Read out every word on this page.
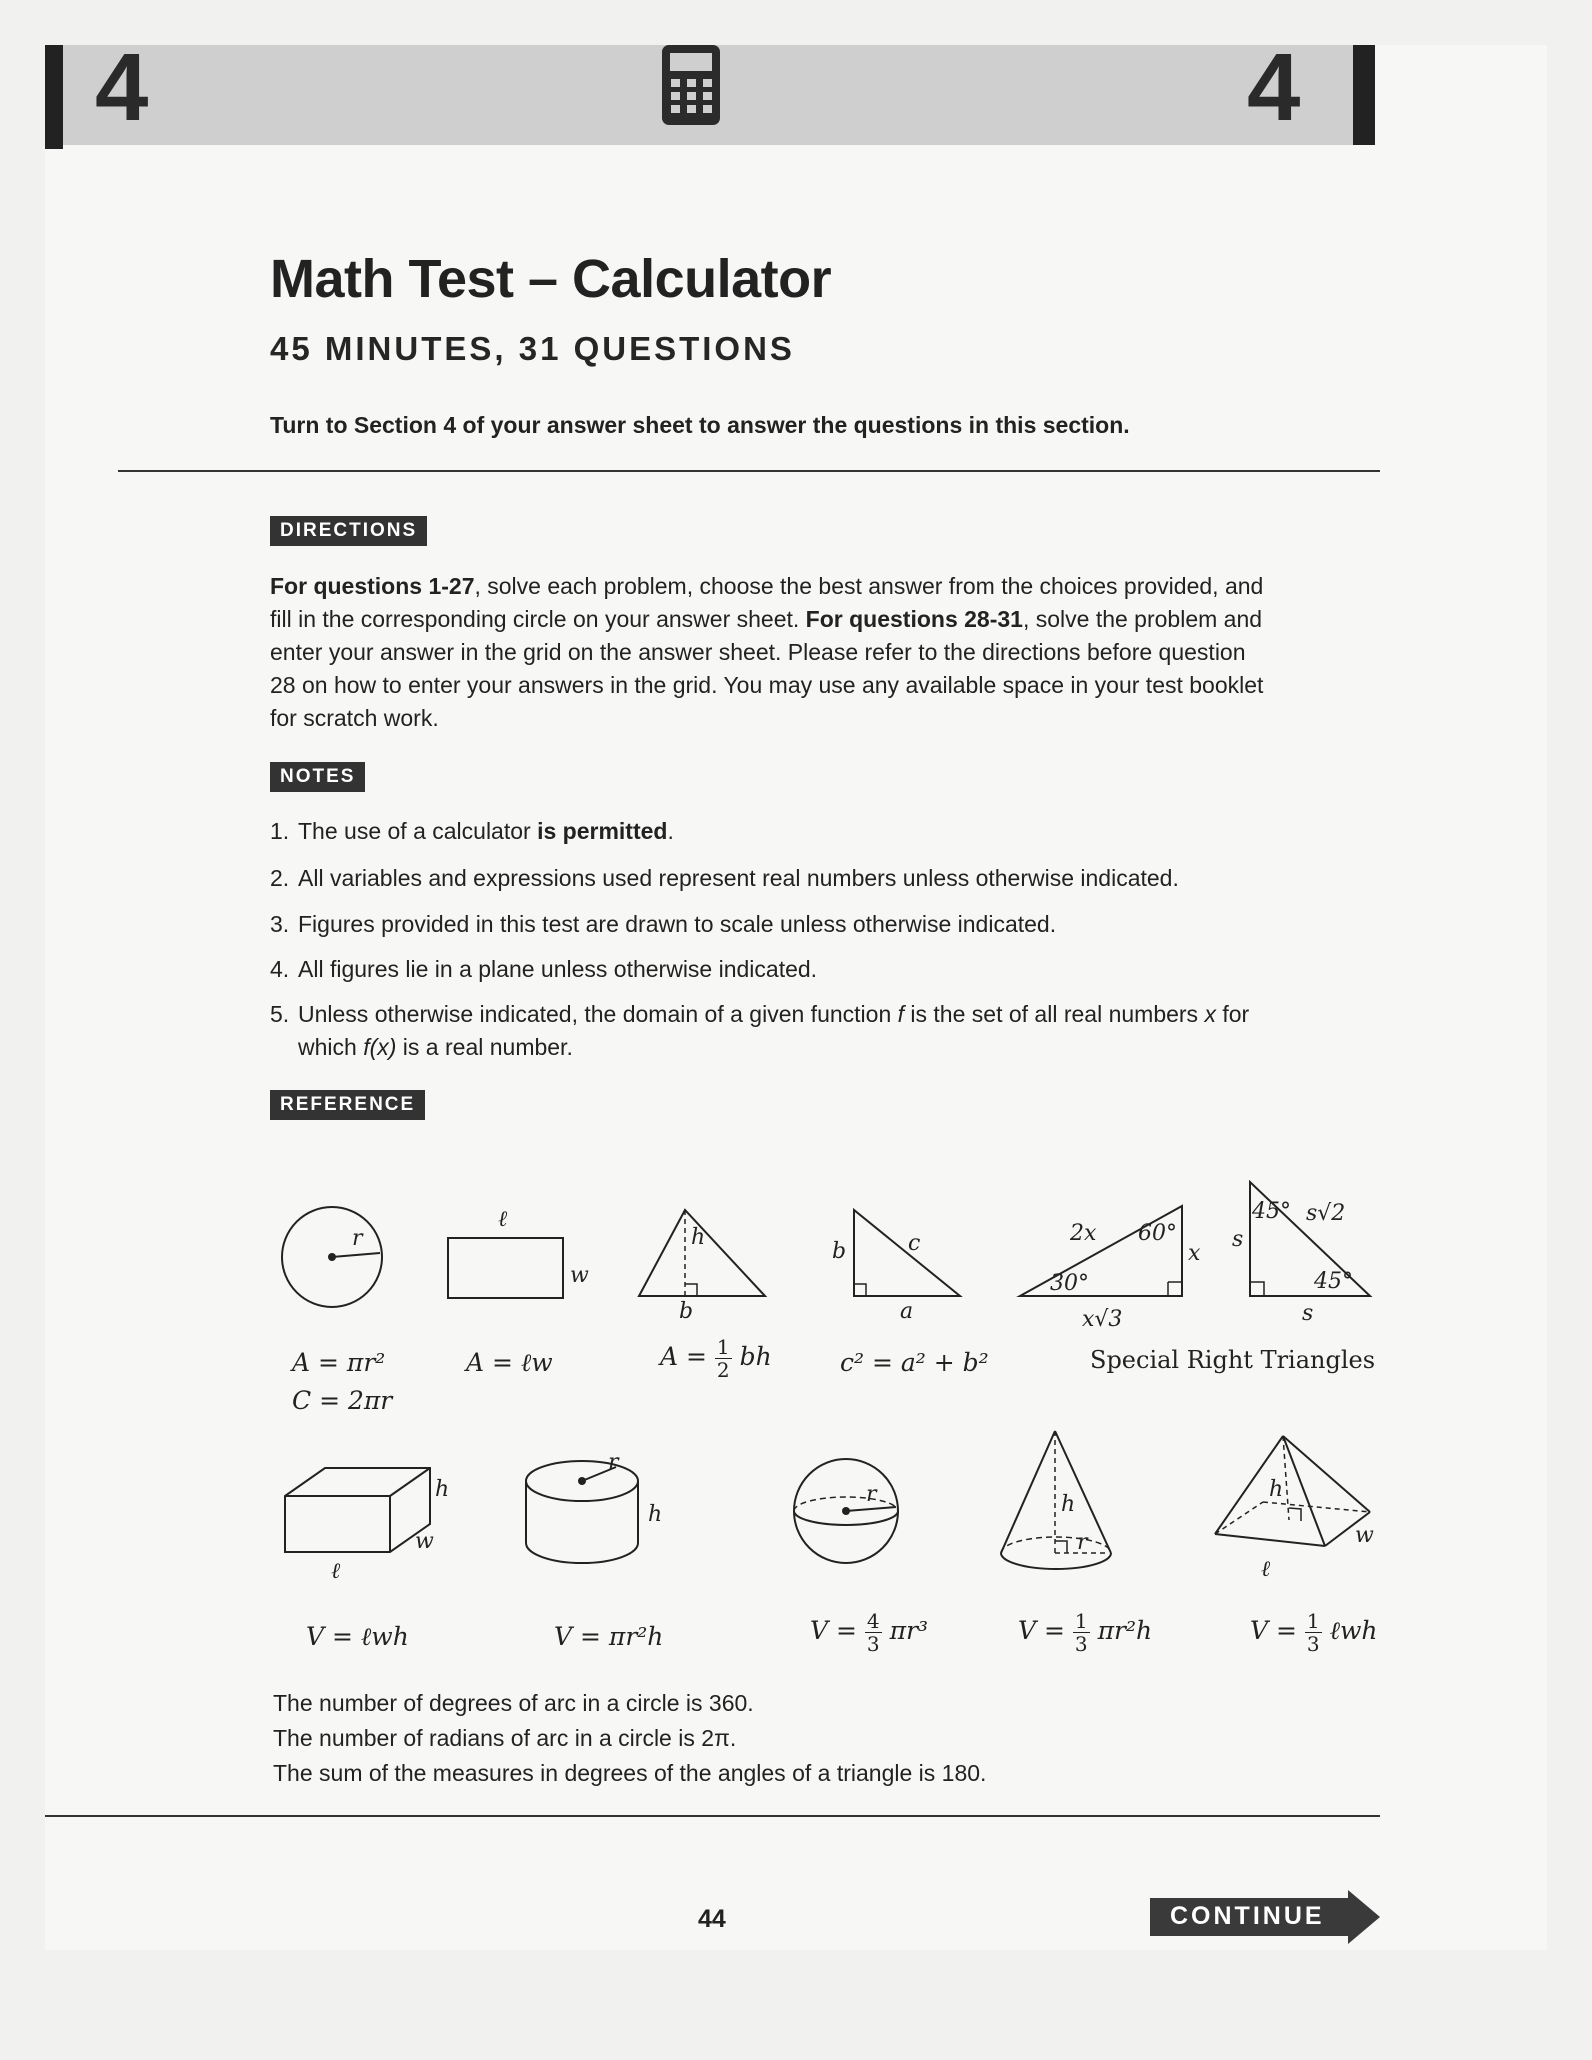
4	4
Math Test – Calculator
45 MINUTES, 31 QUESTIONS
Turn to Section 4 of your answer sheet to answer the questions in this section.
DIRECTIONS
For questions 1-27, solve each problem, choose the best answer from the choices provided, and fill in the corresponding circle on your answer sheet. For questions 28-31, solve the problem and enter your answer in the grid on the answer sheet. Please refer to the directions before question 28 on how to enter your answers in the grid. You may use any available space in your test booklet for scratch work.
NOTES
1. The use of a calculator is permitted.
2. All variables and expressions used represent real numbers unless otherwise indicated.
3. Figures provided in this test are drawn to scale unless otherwise indicated.
4. All figures lie in a plane unless otherwise indicated.
5. Unless otherwise indicated, the domain of a given function f is the set of all real numbers x for
which f(x) is a real number.
REFERENCE
r
ℓ
w
h
b
b	c
a
2x 60°
x
30°
x√3
45° s√2
s
45°
s
A = πr²
C = 2πr
A = ℓw	$A = \frac{1}{2}$ bh	c² = a² + b²	Special Right Triangles
h
w
ℓ
r
h
r	h
r
h
w
ℓ
V = ℓwh	V = πr²h	$V = \frac{4}{3} \pi r^3$	$V = \frac{1}{3} \pi r^2h$	$V = \frac{1}{3}$ ℓwh
The number of degrees of arc in a circle is 360.
The number of radians of arc in a circle is 2π.
The sum of the measures in degrees of the angles of a triangle is 180.
44	CONTINUE
